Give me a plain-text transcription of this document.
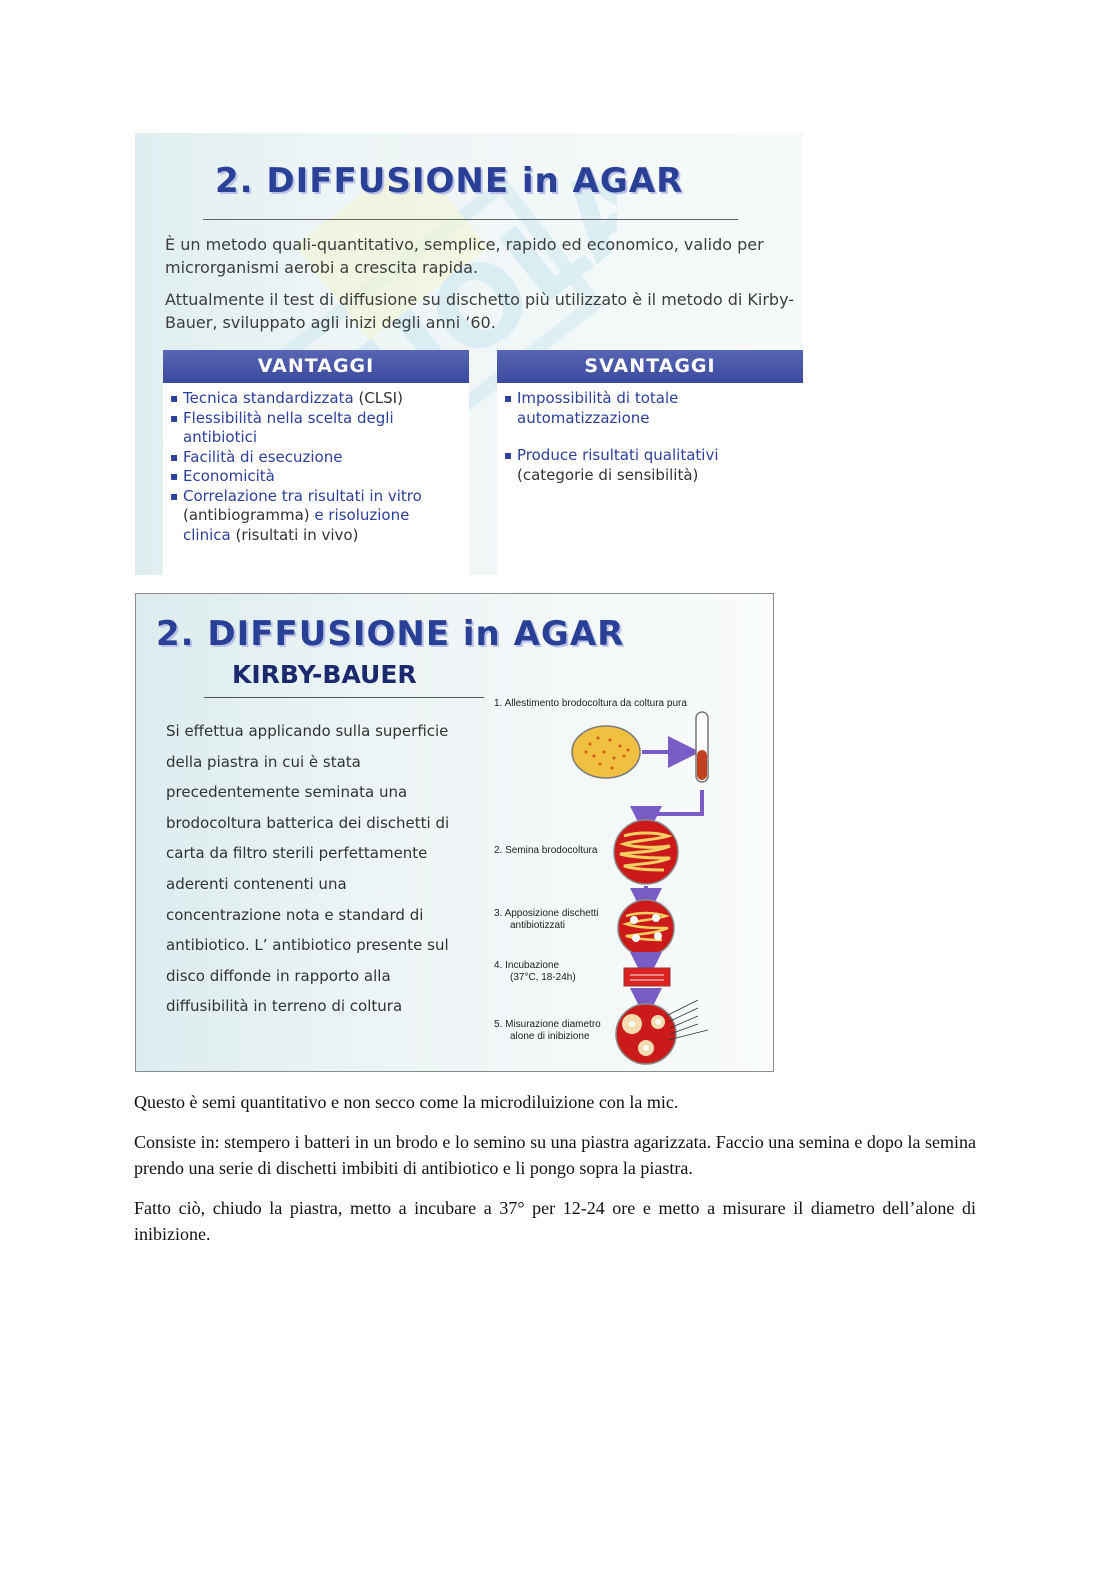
2. DIFFUSIONE in AGAR

È un metodo quali-quantitativo, semplice, rapido ed economico, valido per microrganismi aerobi a crescita rapida.

Attualmente il test di diffusione su dischetto più utilizzato è il metodo di Kirby-Bauer, sviluppato agli inizi degli anni ’60.

VANTAGGI
▪ Tecnica standardizzata (CLSI)
▪ Flessibilità nella scelta degli antibiotici
▪ Facilità di esecuzione
▪ Economicità
▪ Correlazione tra risultati in vitro (antibiogramma) e risoluzione clinica (risultati in vivo)
SVANTAGGI
▪ Impossibilità di totale automatizzazione
▪ Produce risultati qualitativi (categorie di sensibilità)
2. DIFFUSIONE in AGAR
KIRBY-BAUER

Si effettua applicando sulla superficie della piastra in cui è stata precedentemente seminata una brodocoltura batterica dei dischetti di carta da filtro sterili perfettamente aderenti contenenti una concentrazione nota e standard di antibiotico. L’ antibiotico presente sul disco diffonde in rapporto alla diffusibilità in terreno di coltura

1. Allestimento brodocoltura da coltura pura
2. Semina brodocoltura
3. Apposizione dischetti
antibiotizzati
4. Incubazione
(37°C, 18-24h)
5. Misurazione diametro
alone di inibizione

Questo è semi quantitativo e non secco come la microdiluizione con la mic.

Consiste in: stempero i batteri in un brodo e lo semino su una piastra agarizzata. Faccio una semina e dopo la semina prendo una serie di dischetti imbibiti di antibiotico e li pongo sopra la piastra.

Fatto ciò, chiudo la piastra, metto a incubare a 37° per 12-24 ore e metto a misurare il diametro dell’alone di inibizione.
